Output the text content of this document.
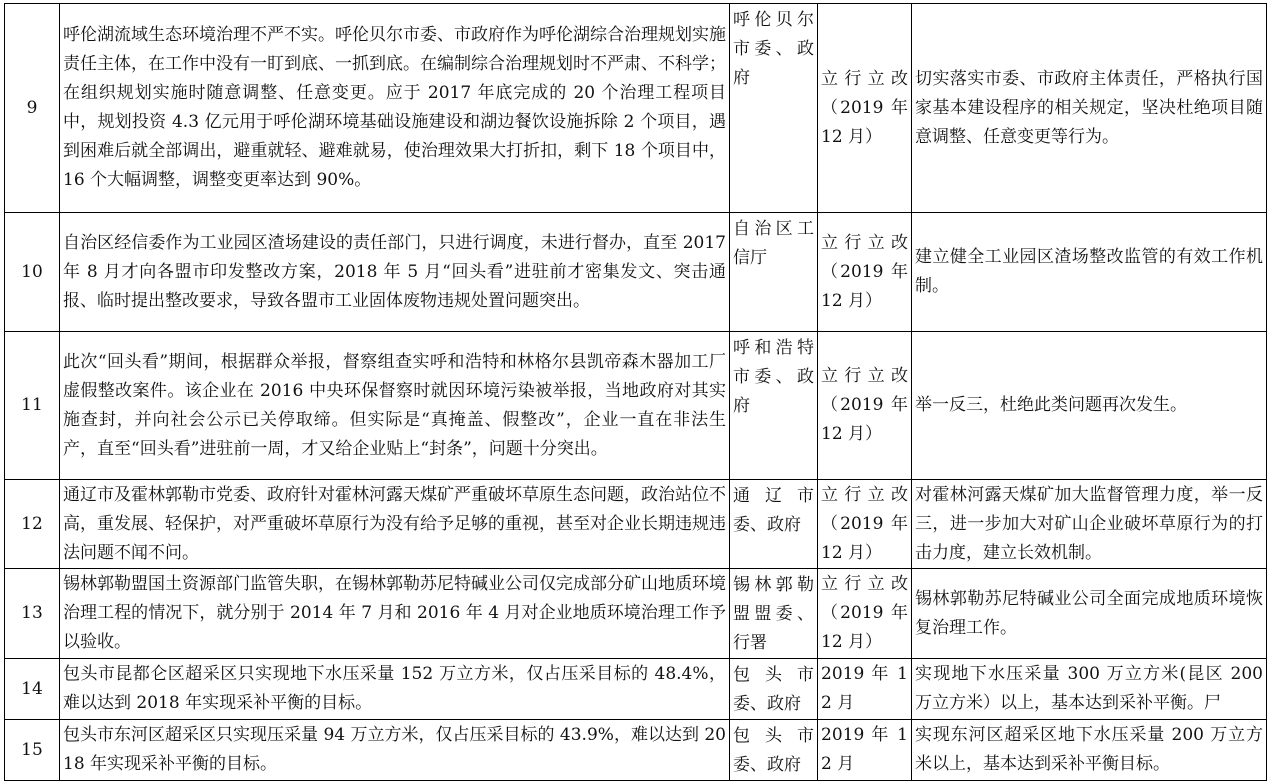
9	呼伦湖流域生态环境治理不严不实。呼伦贝尔市委、市政府作为呼伦湖综合治理规划实施责任主体，在工作中没有一盯到底、一抓到底。在编制综合治理规划时不严肃、不科学；在组织规划实施时随意调整、任意变更。应于 2017 年底完成的 20 个治理工程项目中，规划投资 4.3 亿元用于呼伦湖环境基础设施建设和湖边餐饮设施拆除 2 个项目，遇到困难后就全部调出，避重就轻、避难就易，使治理效果大打折扣，剩下 18 个项目中，16 个大幅调整，调整变更率达到 90%。	呼伦贝尔市委、政府	立行立改（2019 年 12 月）	切实落实市委、市政府主体责任，严格执行国家基本建设程序的相关规定，坚决杜绝项目随意调整、任意变更等行为。
10	自治区经信委作为工业园区渣场建设的责任部门，只进行调度，未进行督办，直至 2017 年 8 月才向各盟市印发整改方案，2018 年 5 月“回头看”进驻前才密集发文、突击通报、临时提出整改要求，导致各盟市工业固体废物违规处置问题突出。	自治区工信厅	立行立改（2019 年 12 月）	建立健全工业园区渣场整改监管的有效工作机制。
11	此次“回头看”期间，根据群众举报，督察组查实呼和浩特和林格尔县凯帝森木器加工厂虚假整改案件。该企业在 2016 中央环保督察时就因环境污染被举报，当地政府对其实施查封，并向社会公示已关停取缔。但实际是“真掩盖、假整改”，企业一直在非法生产，直至“回头看”进驻前一周，才又给企业贴上“封条”，问题十分突出。	呼和浩特市委、政府	立行立改（2019 年 12 月）	举一反三，杜绝此类问题再次发生。
12	通辽市及霍林郭勒市党委、政府针对霍林河露天煤矿严重破坏草原生态问题，政治站位不高，重发展、轻保护，对严重破坏草原行为没有给予足够的重视，甚至对企业长期违规违法问题不闻不问。	通辽市委、政府	立行立改（2019 年 12 月）	对霍林河露天煤矿加大监督管理力度，举一反三，进一步加大对矿山企业破坏草原行为的打击力度，建立长效机制。
13	锡林郭勒盟国土资源部门监管失职，在锡林郭勒苏尼特碱业公司仅完成部分矿山地质环境治理工程的情况下，就分别于 2014 年 7 月和 2016 年 4 月对企业地质环境治理工作予以验收。	锡林郭勒盟盟委、行署	立行立改（2019 年 12 月）	锡林郭勒苏尼特碱业公司全面完成地质环境恢复治理工作。
14	包头市昆都仑区超采区只实现地下水压采量 152 万立方米，仅占压采目标的 48.4%，难以达到 2018 年实现采补平衡的目标。	包头市委、政府	2019 年 12 月	实现地下水压采量 300 万立方米(昆区 200 万立方米）以上，基本达到采补平衡。尸
15	包头市东河区超采区只实现压采量 94 万立方米，仅占压采目标的 43.9%，难以达到 2018 年实现采补平衡的目标。	包头市委、政府	2019 年 12 月	实现东河区超采区地下水压采量 200 万立方米以上，基本达到采补平衡目标。
